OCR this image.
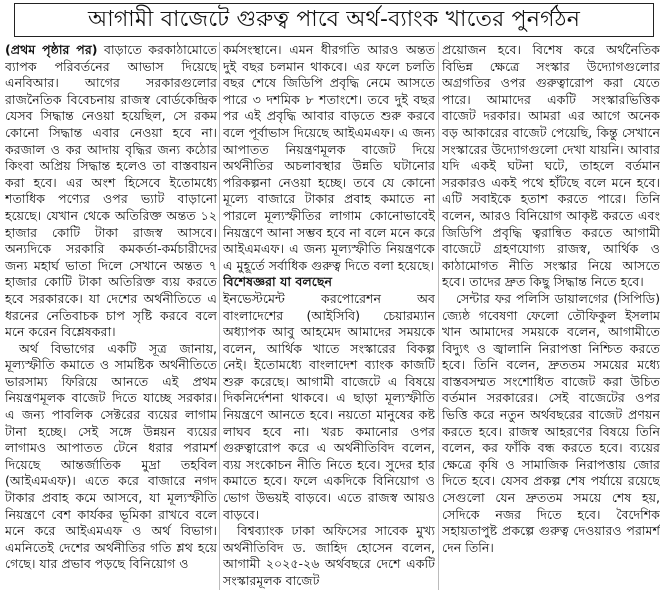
আগামী বাজেটে গুরুত্ব পাবে অর্থ-ব্যাংক খাতের পুনর্গঠন

(প্রথম পৃষ্ঠার পর) বাড়াতে করকাঠামোতে ব্যাপক পরিবর্তনের আভাস দিয়েছে এনবিআর। আগের সরকারগুলোর রাজনৈতিক বিবেচনায় রাজস্ব বোর্ডকেন্দ্রিক যেসব সিদ্ধান্ত নেওয়া হয়েছিল, সে রকম কোনো সিদ্ধান্ত এবার নেওয়া হবে না। করজাল ও কর আদায় বৃদ্ধির জন্য কঠোর কিংবা অপ্রিয় সিদ্ধান্ত হলেও তা বাস্তবায়ন করা হবে। এর অংশ হিসেবে ইতোমধ্যে শতাধিক পণ্যের ওপর ভ্যাট বাড়ানো হয়েছে। যেখান থেকে অতিরিক্ত অন্তত ১২ হাজার কোটি টাকা রাজস্ব আসবে। অন্যদিকে সরকারি কমকর্তা-কর্মচারীদের জন্য মহার্ঘ ভাতা দিলে সেখানে অন্তত ৭ হাজার কোটি টাকা অতিরিক্ত ব্যয় করতে হবে সরকারকে। যা দেশের অর্থনীতিতে এ ধরনের নেতিবাচক চাপ সৃষ্টি করবে বলে মনে করেন বিশ্লেষকরা।

অর্থ বিভাগের একটি সূত্র জানায়, মূল্যস্ফীতি কমাতে ও সামষ্টিক অর্থনীতিতে ভারসাম্য ফিরিয়ে আনতে এই প্রথম নিয়ন্ত্রণমূলক বাজেট দিতে যাচ্ছে সরকার। এ জন্য পাবলিক সেক্টরের ব্যয়ের লাগাম টানা হচ্ছে। সেই সঙ্গে উন্নয়ন ব্যয়ের লাগামও আপাতত টেনে ধরার পরামর্শ দিয়েছে আন্তর্জাতিক মুদ্রা তহবিল (আইএমএফ)। এতে করে বাজারে নগদ টাকার প্রবাহ কমে আসবে, যা মূল্যস্ফীতি নিয়ন্ত্রণে বেশ কার্যকর ভূমিকা রাখবে বলে মনে করে আইএমএফ ও অর্থ বিভাগ। এমনিতেই দেশের অর্থনীতির গতি শ্লথ হয়ে গেছে। যার প্রভাব পড়ছে বিনিয়োগ ও

কর্মসংস্থানে। এমন ধীরগতি আরও অন্তত দুই বছর চলমান থাকবে। এর ফলে চলতি বছর শেষে জিডিপি প্রবৃদ্ধি নেমে আসতে পারে ৩ দশমিক ৮ শতাংশে। তবে দুই বছর পর এই প্রবৃদ্ধি আবার বাড়তে শুরু করবে বলে পূর্বাভাস দিয়েছে আইএমএফ। এ জন্য আপাতত নিয়ন্ত্রণমূলক বাজেট দিয়ে অর্থনীতির অচলাবস্থার উন্নতি ঘটানোর পরিকল্পনা নেওয়া হচ্ছে। তবে যে কোনো মূল্যে বাজারে টাকার প্রবাহ কমাতে না পারলে মূল্যস্ফীতির লাগাম কোনোভাবেই নিয়ন্ত্রণে আনা সম্ভব হবে না বলে মনে করে আইএমএফ। এ জন্য মূল্যস্ফীতি নিয়ন্ত্রণকে এ মুহূর্তে সর্বাধিক গুরুত্ব দিতে বলা হয়েছে।

বিশেষজ্ঞরা যা বলছেন

ইনভেস্টমেন্ট করপোরেশন অব বাংলাদেশের (আইসিবি) চেয়ারম্যান অধ্যাপক আবু আহমেদ আমাদের সময়কে বলেন, আর্থিক খাতে সংস্কারের বিকল্প নেই। ইতোমধ্যে বাংলাদেশ ব্যাংক কাজটি শুরু করেছে। আগামী বাজেটে এ বিষয়ে দিকনির্দেশনা থাকবে। এ ছাড়া মূল্যস্ফীতি নিয়ন্ত্রণে আনতে হবে। নয়তো মানুষের কষ্ট লাঘব হবে না। খরচ কমানোর ওপর গুরুত্বারোপ করে এ অর্থনীতিবিদ বলেন, ব্যয় সংকোচন নীতি নিতে হবে। সুদের হার কমাতে হবে। ফলে একদিকে বিনিয়োগ ও ভোগ উভয়ই বাড়বে। এতে রাজস্ব আয়ও বাড়বে।

বিশ্বব্যাংক ঢাকা অফিসের সাবেক মুখ্য অর্থনীতিবিদ ড. জাহিদ হোসেন বলেন, আগামী ২০২৫-২৬ অর্থবছরে দেশে একটি সংস্কারমূলক বাজেট

প্রয়োজন হবে। বিশেষ করে অর্থনৈতিক বিভিন্ন ক্ষেত্রে সংস্কার উদ্যোগগুলোর অগ্রগতির ওপর গুরুত্বারোপ করা যেতে পারে। আমাদের একটি সংস্কারভিত্তিক বাজেট দরকার। আমরা এর আগে অনেক বড় আকারের বাজেট পেয়েছি, কিন্তু সেখানে সংস্কারের উদ্যোগগুলো দেখা যায়নি। আবার যদি একই ঘটনা ঘটে, তাহলে বর্তমান সরকারও একই পথে হাঁটছে বলে মনে হবে। এটি সবাইকে হতাশ করতে পারে। তিনি বলেন, আরও বিনিয়োগ আকৃষ্ট করতে এবং জিডিপি প্রবৃদ্ধি ত্বরান্বিত করতে আগামী বাজেটে গ্রহণযোগ্য রাজস্ব, আর্থিক ও কাঠামোগত নীতি সংস্কার নিয়ে আসতে হবে। তাদের দ্রুত কিছু সিদ্ধান্ত নিতে হবে।

সেন্টার ফর পলিসি ডায়ালগের (সিপিডি) জ্যেষ্ঠ গবেষণা ফেলো তৌফিকুল ইসলাম খান আমাদের সময়কে বলেন, আগামীতে বিদ্যুৎ ও জ্বালানি নিরাপত্তা নিশ্চিত করতে হবে। তিনি বলেন, দ্রুততম সময়ের মধ্যে বাস্তবসম্মত সংশোধিত বাজেট করা উচিত বর্তমান সরকারের। সেই বাজেটের ওপর ভিত্তি করে নতুন অর্থবছরের বাজেট প্রণয়ন করতে হবে। রাজস্ব আহরণের বিষয়ে তিনি বলেন, কর ফাঁকি বন্ধ করতে হবে। ব্যয়ের ক্ষেত্রে কৃষি ও সামাজিক নিরাপত্তায় জোর দিতে হবে। যেসব প্রকল্প শেষ পর্যায়ে রয়েছে সেগুলো যেন দ্রুততম সময়ে শেষ হয়, সেদিকে নজর দিতে হবে। বৈদেশিক সহায়তাপুষ্ট প্রকল্পে গুরুত্ব দেওয়ারও পরামর্শ দেন তিনি।
